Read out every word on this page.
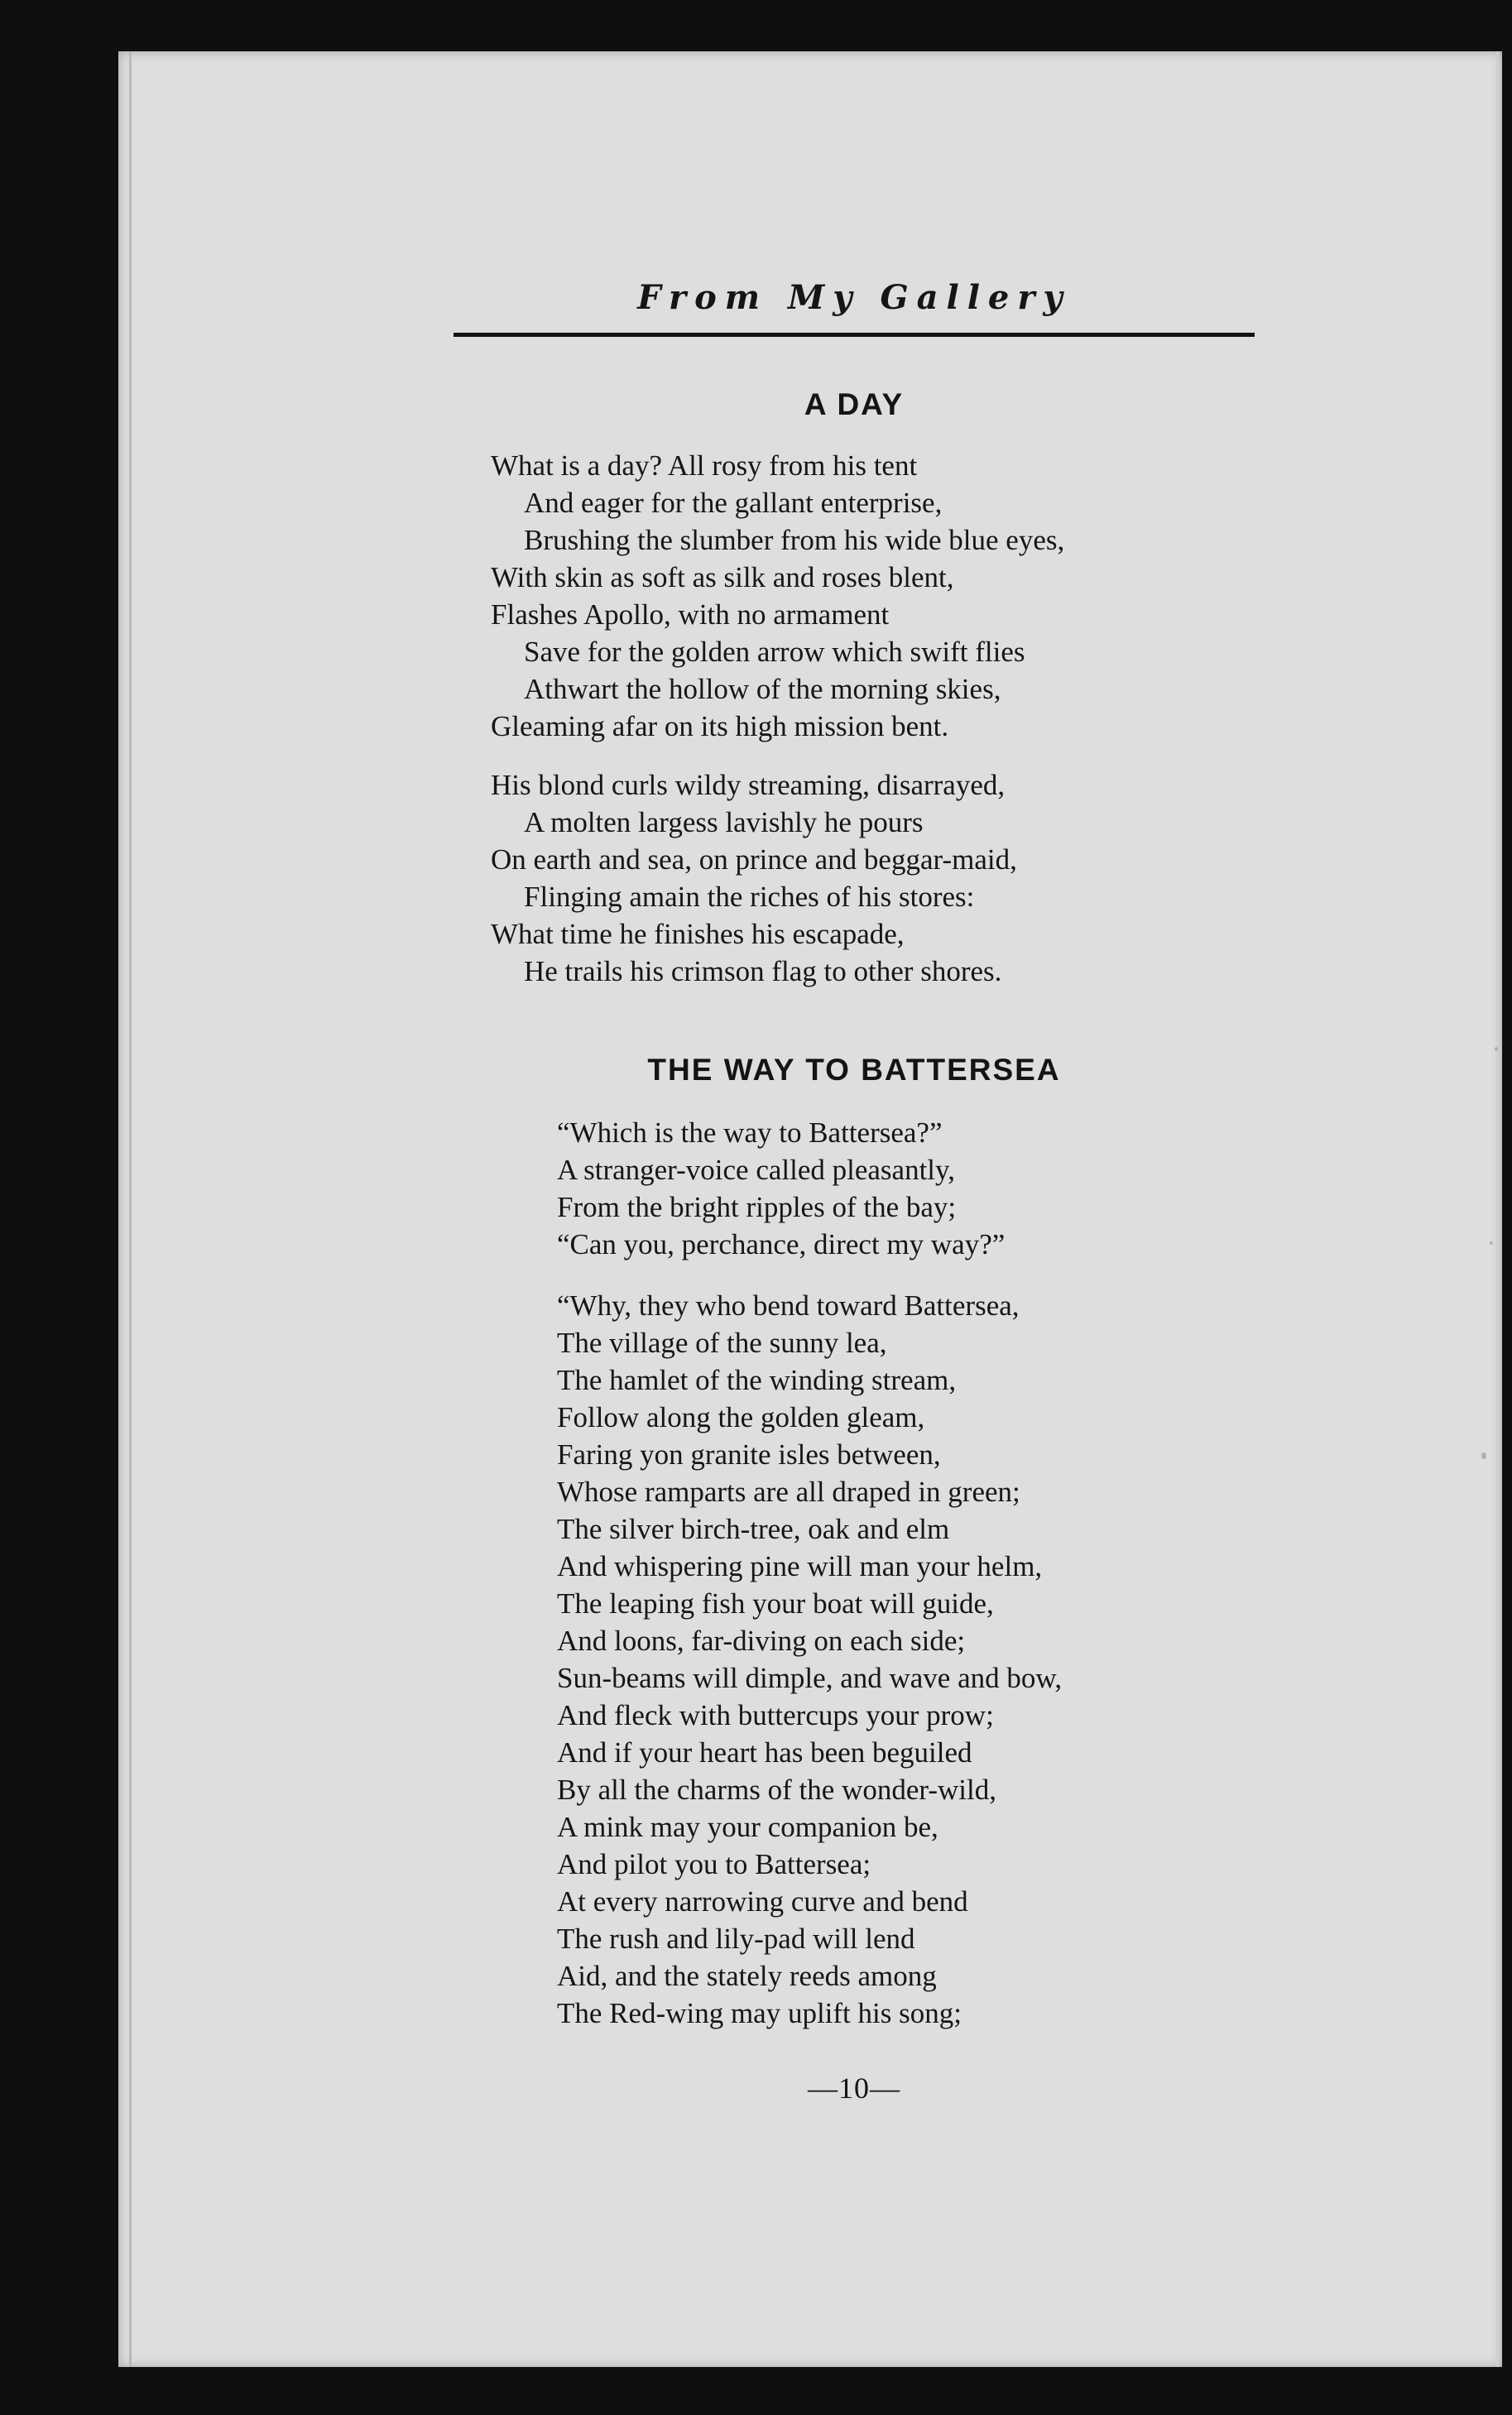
From My Gallery
A DAY
What is a day? All rosy from his tent
And eager for the gallant enterprise,
Brushing the slumber from his wide blue eyes,
With skin as soft as silk and roses blent,
Flashes Apollo, with no armament
Save for the golden arrow which swift flies
Athwart the hollow of the morning skies,
Gleaming afar on its high mission bent.
His blond curls wildy streaming, disarrayed,
A molten largess lavishly he pours
On earth and sea, on prince and beggar-maid,
Flinging amain the riches of his stores:
What time he finishes his escapade,
He trails his crimson flag to other shores.
THE WAY TO BATTERSEA
“Which is the way to Battersea?”
A stranger-voice called pleasantly,
From the bright ripples of the bay;
“Can you, perchance, direct my way?”
“Why, they who bend toward Battersea,
The village of the sunny lea,
The hamlet of the winding stream,
Follow along the golden gleam,
Faring yon granite isles between,
Whose ramparts are all draped in green;
The silver birch-tree, oak and elm
And whispering pine will man your helm,
The leaping fish your boat will guide,
And loons, far-diving on each side;
Sun-beams will dimple, and wave and bow,
And fleck with buttercups your prow;
And if your heart has been beguiled
By all the charms of the wonder-wild,
A mink may your companion be,
And pilot you to Battersea;
At every narrowing curve and bend
The rush and lily-pad will lend
Aid, and the stately reeds among
The Red-wing may uplift his song;
—10—
